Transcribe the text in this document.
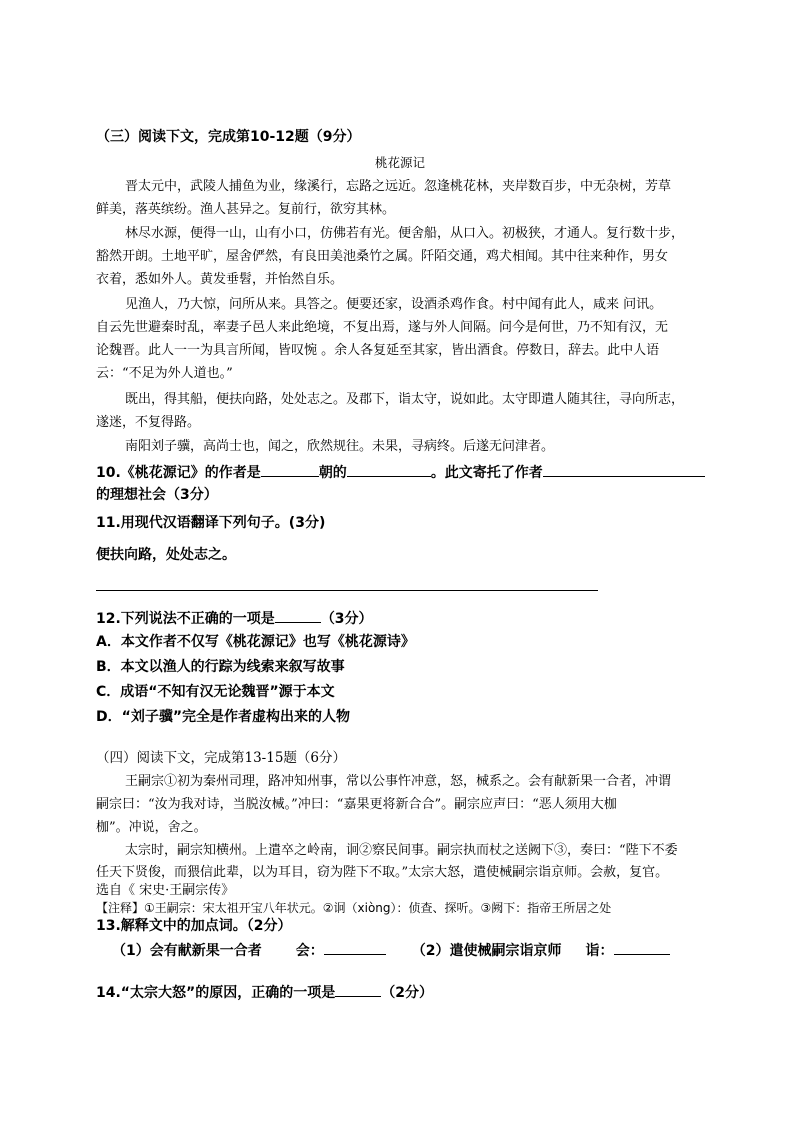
（三）阅读下文，完成第10-12题（9分）
桃花源记
晋太元中，武陵人捕鱼为业，缘溪行，忘路之远近。忽逢桃花林，夹岸数百步，中无杂树，芳草
鲜美，落英缤纷。渔人甚异之。复前行，欲穷其林。
林尽水源，便得一山，山有小口，仿佛若有光。便舍船，从口入。初极狭，才通人。复行数十步，
豁然开朗。土地平旷，屋舍俨然，有良田美池桑竹之属。阡陌交通，鸡犬相闻。其中往来种作，男女
衣着，悉如外人。黄发垂髫，并怡然自乐。
见渔人，乃大惊，问所从来。具答之。便要还家，设酒杀鸡作食。村中闻有此人，咸来 问讯。
自云先世避秦时乱，率妻子邑人来此绝境，不复出焉，遂与外人间隔。问今是何世，乃不知有汉，无
论魏晋。此人一一为具言所闻，皆叹惋 。余人各复延至其家，皆出酒食。停数日，辞去。此中人语
云：“不足为外人道也。”
既出，得其船，便扶向路，处处志之。及郡下，诣太守，说如此。太守即遣人随其往，寻向所志，
遂迷，不复得路。
南阳刘子骥，高尚士也，闻之，欣然规往。未果，寻病终。后遂无问津者。
10.《桃花源记》的作者是	朝的	。此文寄托了作者
的理想社会（3分）
11.用现代汉语翻译下列句子。(3分)
便扶向路，处处志之。
12.下列说法不正确的一项是	（3分）
A．本文作者不仅写《桃花源记》也写《桃花源诗》
B．本文以渔人的行踪为线索来叙写故事
C．成语“不知有汉无论魏晋”源于本文
D．“刘子骥”完全是作者虚构出来的人物
（四）阅读下文，完成第13-15题（6分）
王嗣宗①初为秦州司理，路冲知州事，常以公事忤冲意，怒，械系之。会有献新果一合者，冲谓
嗣宗曰：“汝为我对诗，当脱汝械。”冲曰：“嘉果更将新合合”。嗣宗应声曰：“恶人须用大枷
枷”。冲说，舍之。
太宗时，嗣宗知横州。上遣卒之岭南，诇②察民间事。嗣宗执而杖之送阙下③，奏曰：“陛下不委
任天下贤俊，而猥信此辈，以为耳目，窃为陛下不取。”太宗大怒，遣使械嗣宗诣京师。会赦，复官。
选自《 宋史·王嗣宗传》
【注释】①王嗣宗：宋太祖开宝八年状元。②诇（xiòng）：侦查、探听。③阙下：指帝王所居之处
13.解释文中的加点词。（2分）
（1）会有献新果一合者 会：	（2）遣使械嗣宗诣京师 诣：
14.“太宗大怒”的原因，正确的一项是	（2分）
